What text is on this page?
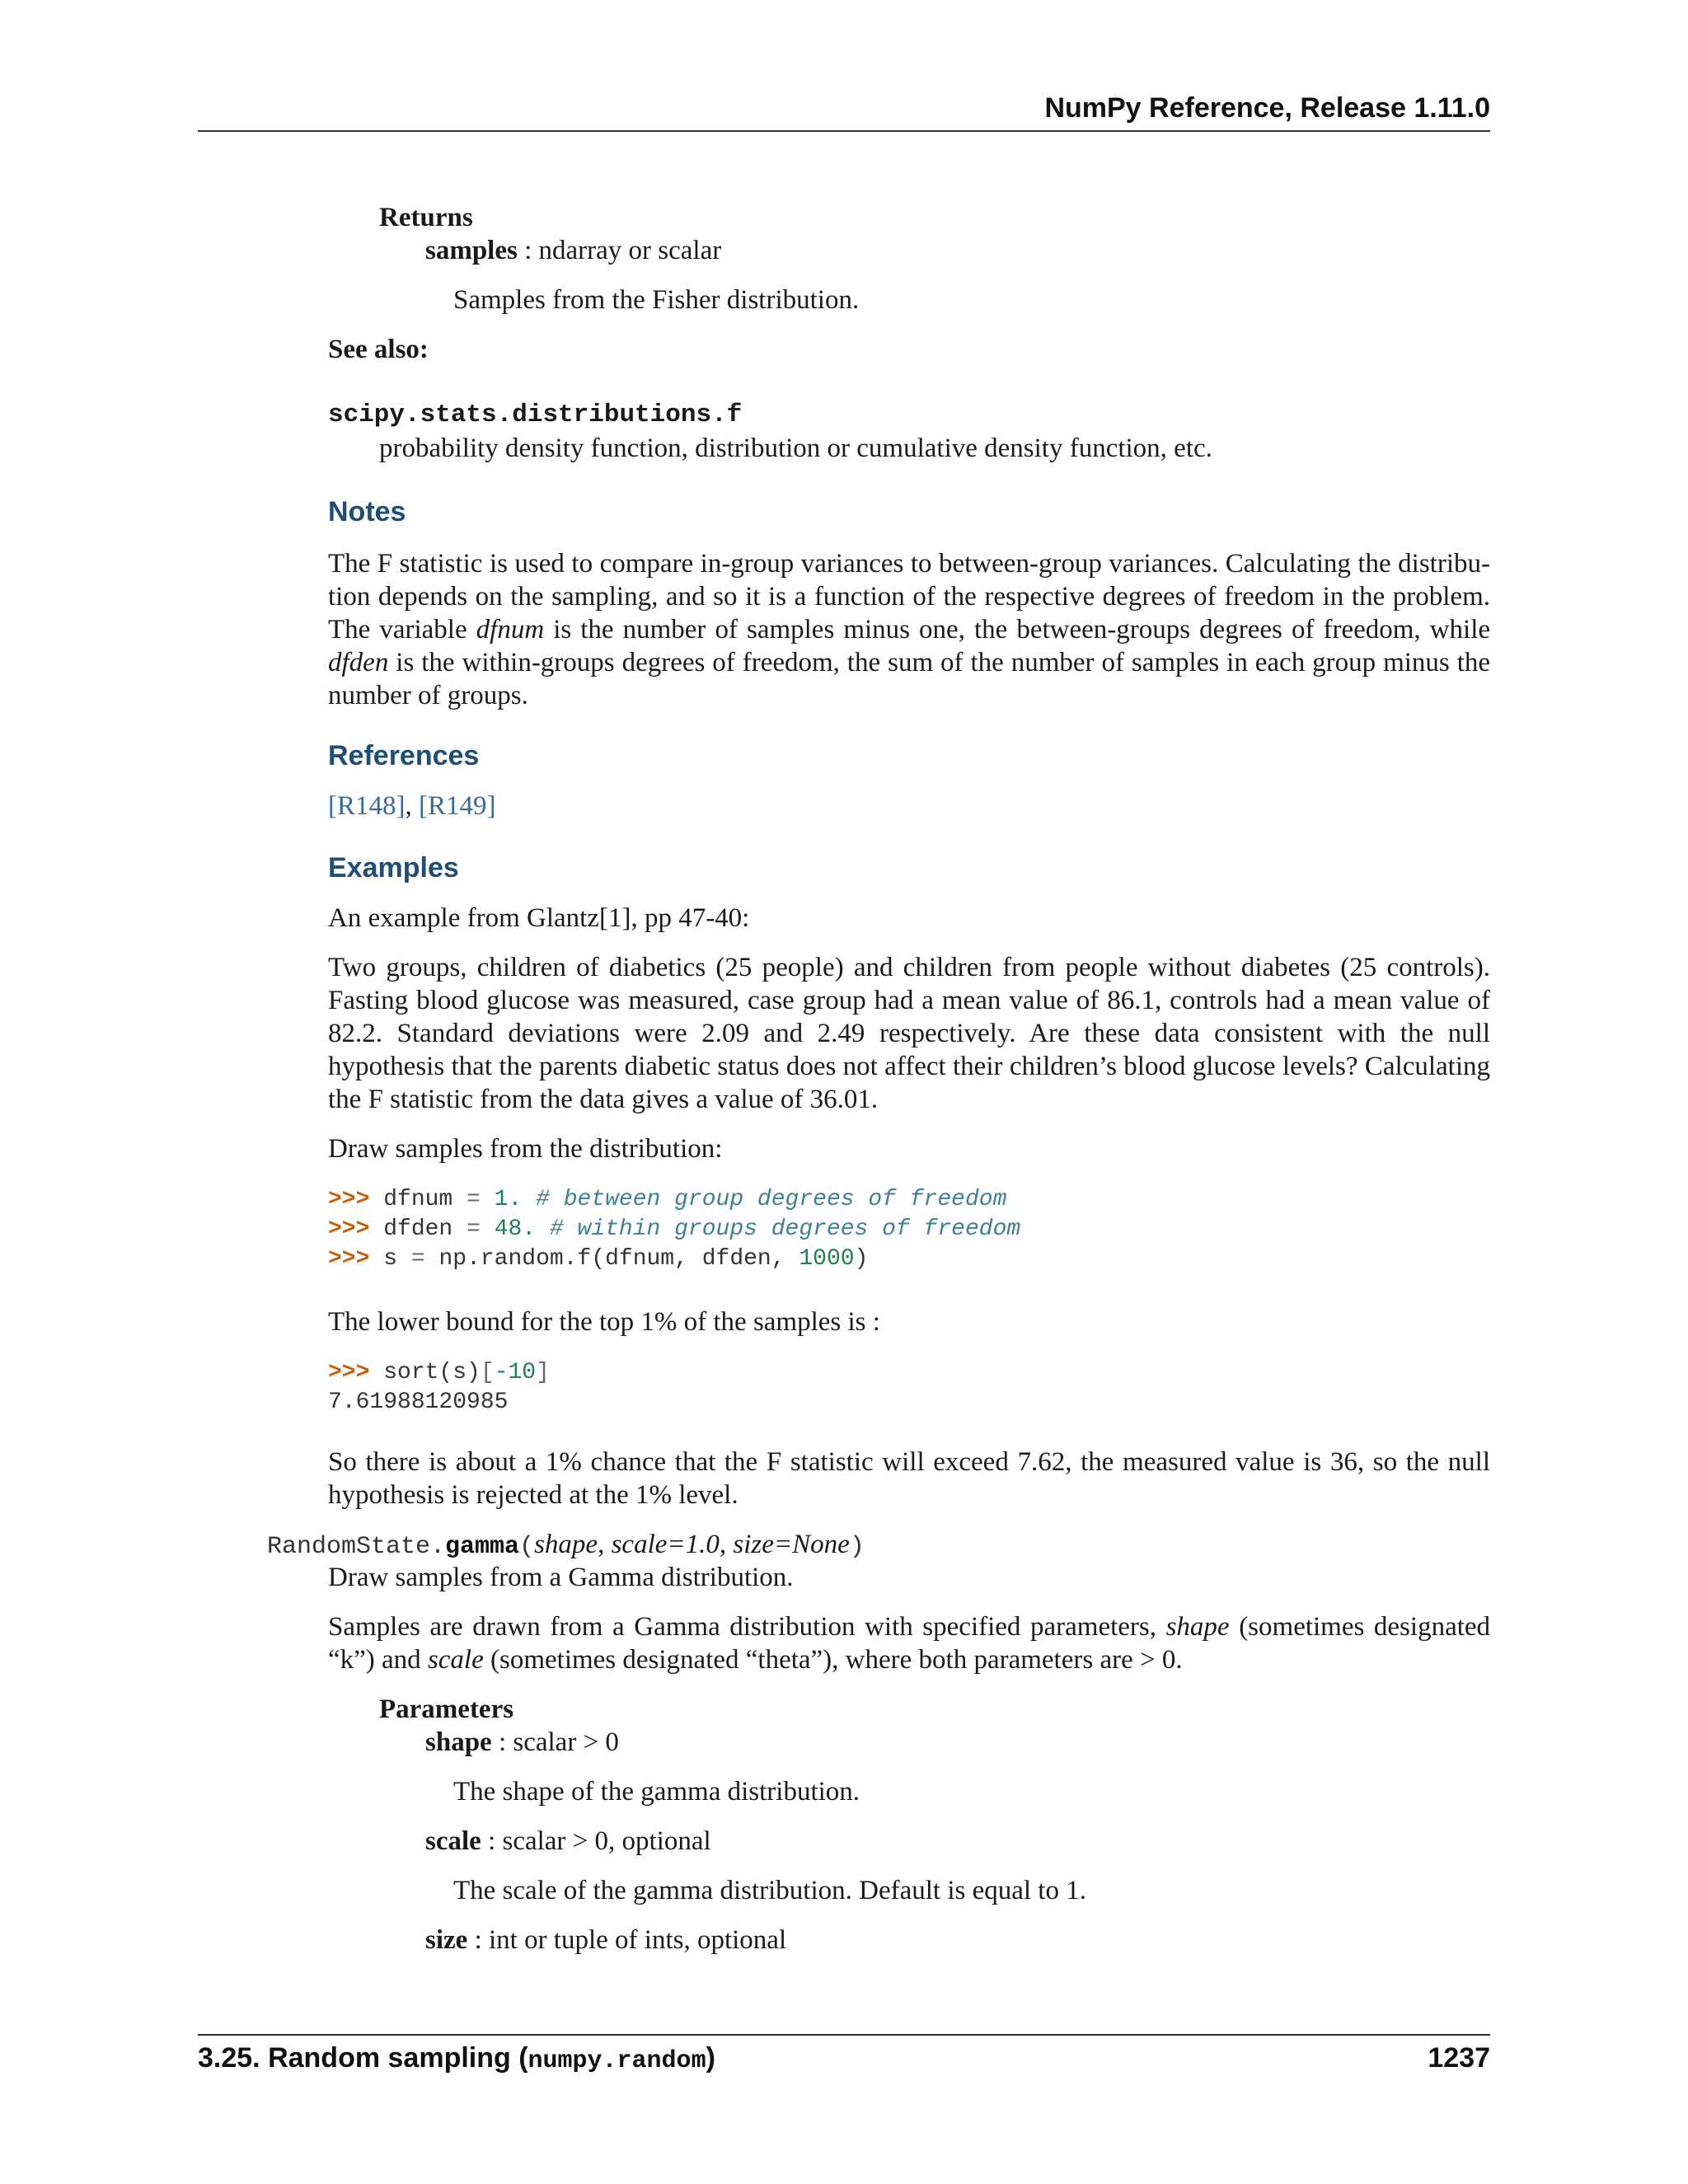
NumPy Reference, Release 1.11.0
Returns
samples : ndarray or scalar
Samples from the Fisher distribution.
See also:
scipy.stats.distributions.f
probability density function, distribution or cumulative density function, etc.
Notes
The F statistic is used to compare in-group variances to between-group variances. Calculating the distribu-tion depends on the sampling, and so it is a function of the respective degrees of freedom in the problem. The variable dfnum is the number of samples minus one, the between-groups degrees of freedom, while dfden is the within-groups degrees of freedom, the sum of the number of samples in each group minus the number of groups.
References
[R148], [R149]
Examples
An example from Glantz[1], pp 47-40:
Two groups, children of diabetics (25 people) and children from people without diabetes (25 controls). Fasting blood glucose was measured, case group had a mean value of 86.1, controls had a mean value of 82.2. Standard deviations were 2.09 and 2.49 respectively. Are these data consistent with the null hypothesis that the parents diabetic status does not affect their children’s blood glucose levels? Calculating the F statistic from the data gives a value of 36.01.
Draw samples from the distribution:
>>> dfnum = 1. # between group degrees of freedom
>>> dfden = 48. # within groups degrees of freedom
>>> s = np.random.f(dfnum, dfden, 1000)
The lower bound for the top 1% of the samples is :
>>> sort(s)[-10]
7.61988120985
So there is about a 1% chance that the F statistic will exceed 7.62, the measured value is 36, so the null hypothesis is rejected at the 1% level.
RandomState.gamma(shape, scale=1.0, size=None)
Draw samples from a Gamma distribution.
Samples are drawn from a Gamma distribution with specified parameters, shape (sometimes designated “k”) and scale (sometimes designated “theta”), where both parameters are > 0.
Parameters
shape : scalar > 0
The shape of the gamma distribution.
scale : scalar > 0, optional
The scale of the gamma distribution. Default is equal to 1.
size : int or tuple of ints, optional
3.25. Random sampling (numpy.random)	1237
